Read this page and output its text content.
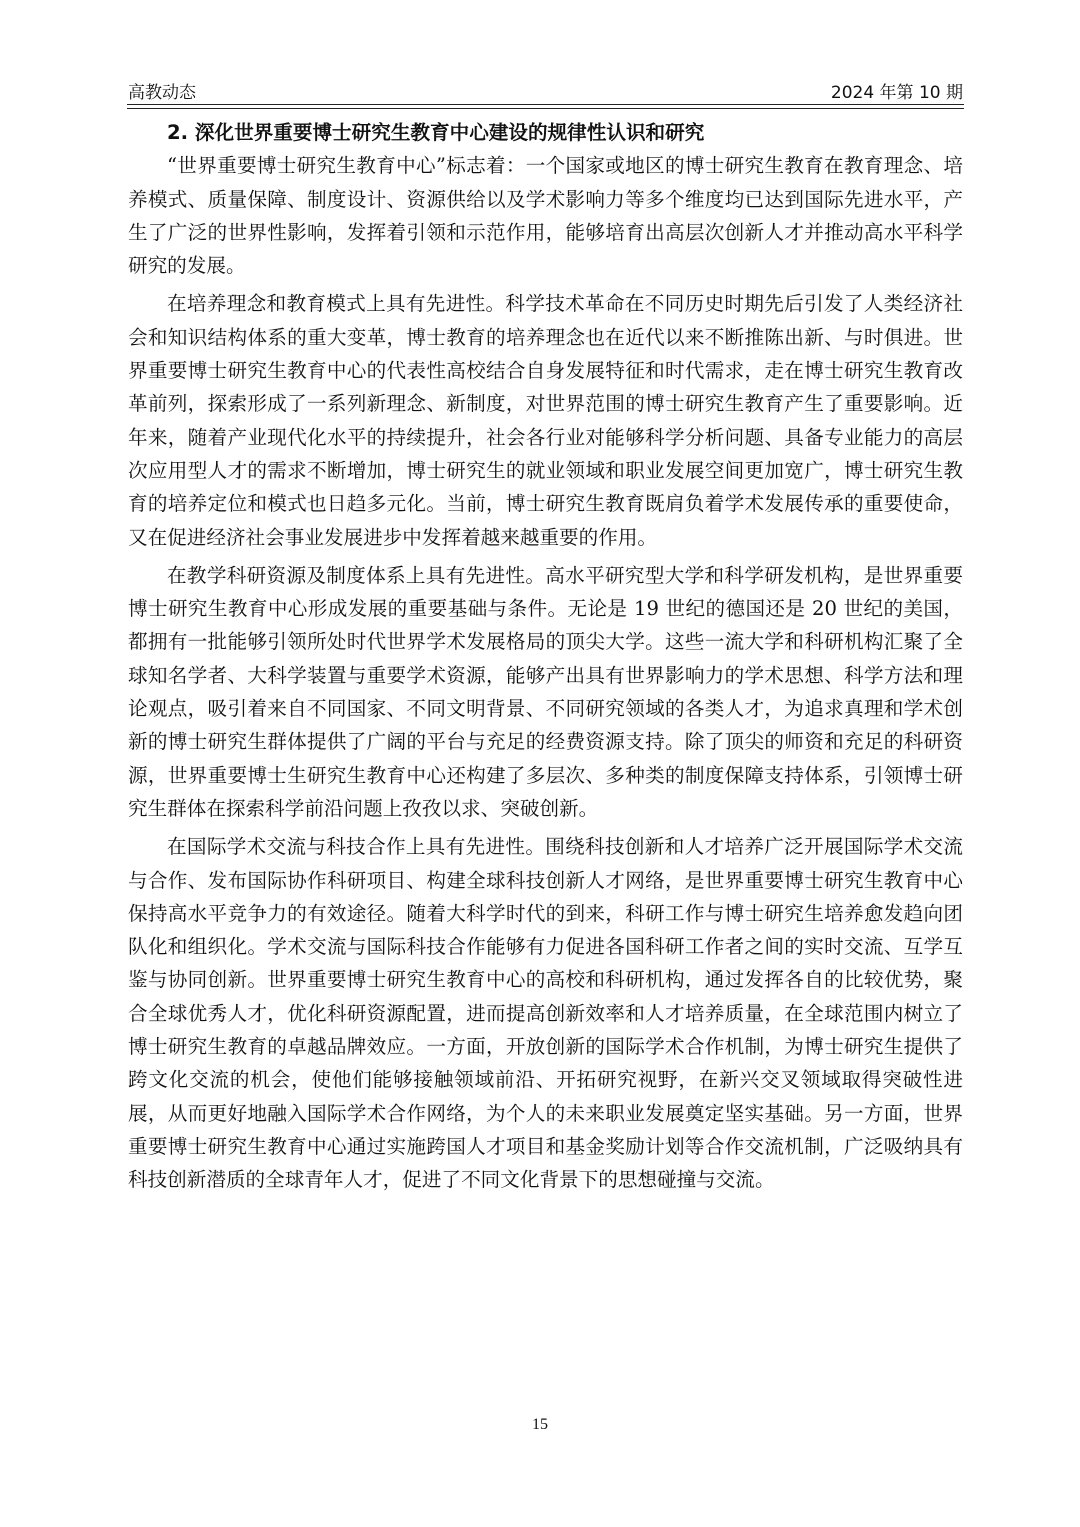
高教动态	2024 年第 10 期

2. 深化世界重要博士研究生教育中心建设的规律性认识和研究

“世界重要博士研究生教育中心”标志着：一个国家或地区的博士研究生教育在教育理念、培养模式、质量保障、制度设计、资源供给以及学术影响力等多个维度均已达到国际先进水平，产生了广泛的世界性影响，发挥着引领和示范作用，能够培育出高层次创新人才并推动高水平科学研究的发展。

在培养理念和教育模式上具有先进性。科学技术革命在不同历史时期先后引发了人类经济社会和知识结构体系的重大变革，博士教育的培养理念也在近代以来不断推陈出新、与时俱进。世界重要博士研究生教育中心的代表性高校结合自身发展特征和时代需求，走在博士研究生教育改革前列，探索形成了一系列新理念、新制度，对世界范围的博士研究生教育产生了重要影响。近年来，随着产业现代化水平的持续提升，社会各行业对能够科学分析问题、具备专业能力的高层次应用型人才的需求不断增加，博士研究生的就业领域和职业发展空间更加宽广，博士研究生教育的培养定位和模式也日趋多元化。当前，博士研究生教育既肩负着学术发展传承的重要使命，又在促进经济社会事业发展进步中发挥着越来越重要的作用。

在教学科研资源及制度体系上具有先进性。高水平研究型大学和科学研发机构，是世界重要博士研究生教育中心形成发展的重要基础与条件。无论是 19 世纪的德国还是 20 世纪的美国，都拥有一批能够引领所处时代世界学术发展格局的顶尖大学。这些一流大学和科研机构汇聚了全球知名学者、大科学装置与重要学术资源，能够产出具有世界影响力的学术思想、科学方法和理论观点，吸引着来自不同国家、不同文明背景、不同研究领域的各类人才，为追求真理和学术创新的博士研究生群体提供了广阔的平台与充足的经费资源支持。除了顶尖的师资和充足的科研资源，世界重要博士生研究生教育中心还构建了多层次、多种类的制度保障支持体系，引领博士研究生群体在探索科学前沿问题上孜孜以求、突破创新。

在国际学术交流与科技合作上具有先进性。围绕科技创新和人才培养广泛开展国际学术交流与合作、发布国际协作科研项目、构建全球科技创新人才网络，是世界重要博士研究生教育中心保持高水平竞争力的有效途径。随着大科学时代的到来，科研工作与博士研究生培养愈发趋向团队化和组织化。学术交流与国际科技合作能够有力促进各国科研工作者之间的实时交流、互学互鉴与协同创新。世界重要博士研究生教育中心的高校和科研机构，通过发挥各自的比较优势，聚合全球优秀人才，优化科研资源配置，进而提高创新效率和人才培养质量，在全球范围内树立了博士研究生教育的卓越品牌效应。一方面，开放创新的国际学术合作机制，为博士研究生提供了跨文化交流的机会，使他们能够接触领域前沿、开拓研究视野，在新兴交叉领域取得突破性进展，从而更好地融入国际学术合作网络，为个人的未来职业发展奠定坚实基础。另一方面，世界重要博士研究生教育中心通过实施跨国人才项目和基金奖励计划等合作交流机制，广泛吸纳具有科技创新潜质的全球青年人才，促进了不同文化背景下的思想碰撞与交流。

15
